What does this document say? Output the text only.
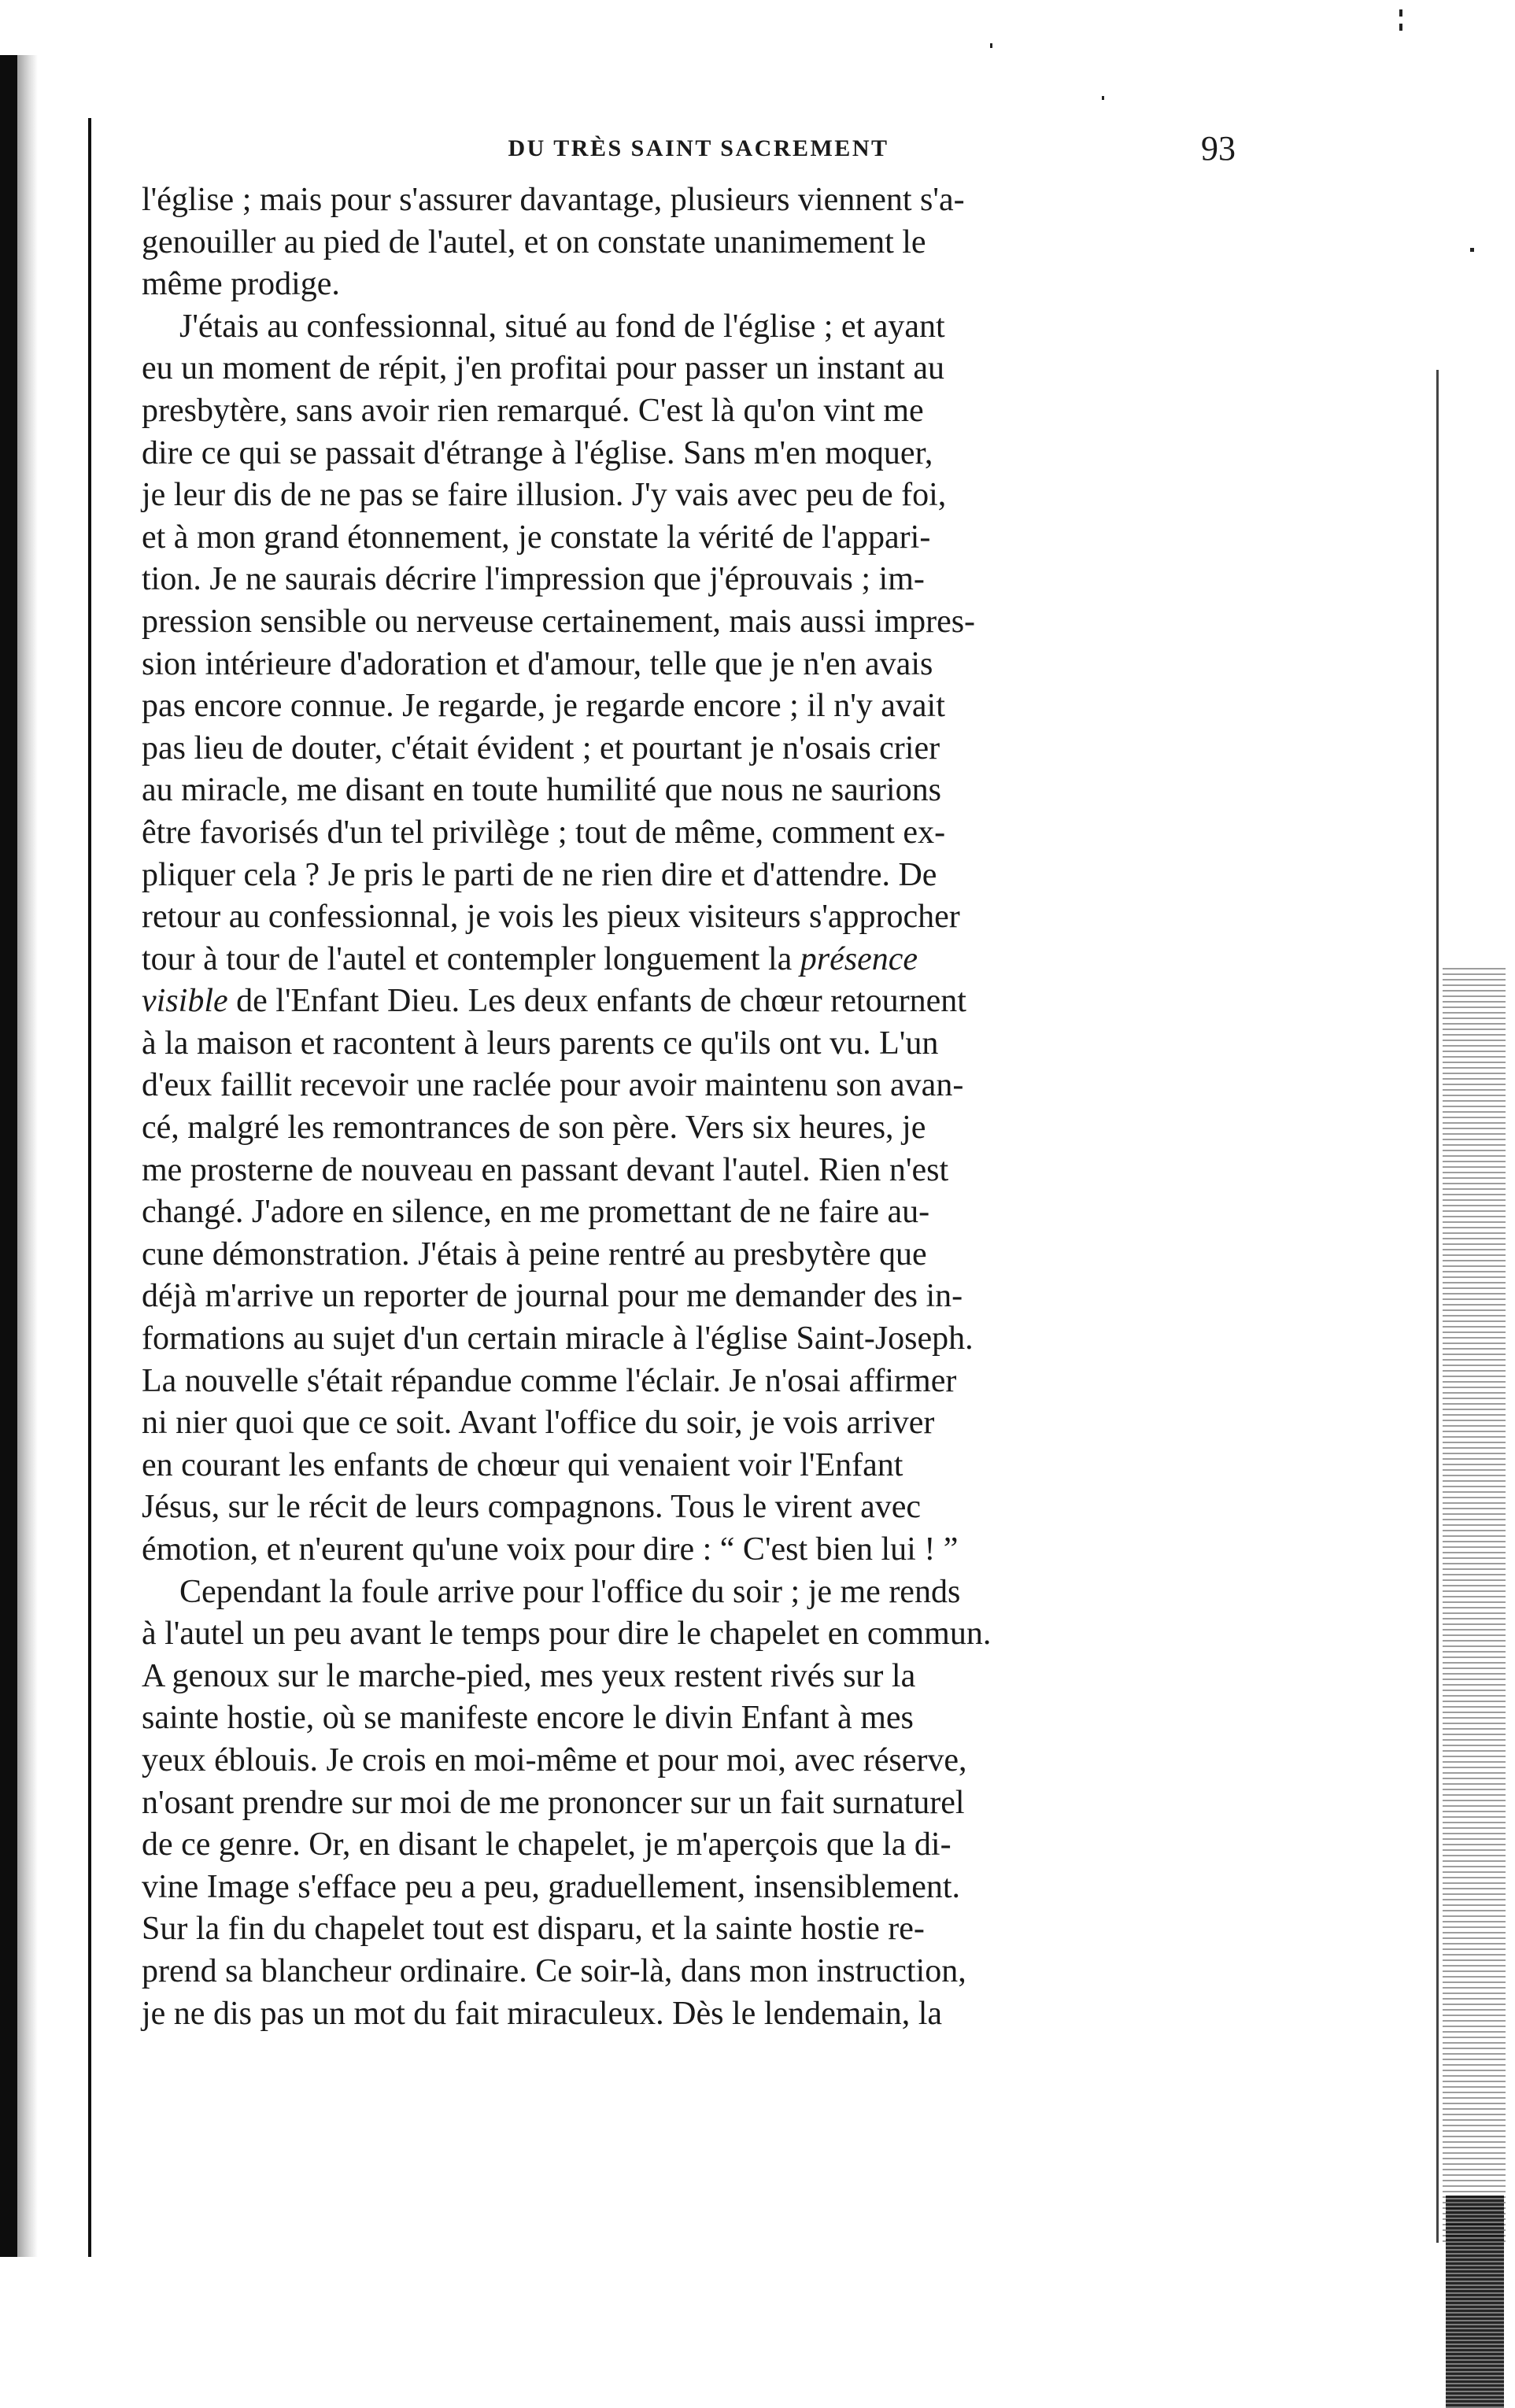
DU TRÈS SAINT SACREMENT	93
l'église ; mais pour s'assurer davantage, plusieurs viennent s'a-
genouiller au pied de l'autel, et on constate unanimement le
même prodige.
J'étais au confessionnal, situé au fond de l'église ; et ayant
eu un moment de répit, j'en profitai pour passer un instant au
presbytère, sans avoir rien remarqué. C'est là qu'on vint me
dire ce qui se passait d'étrange à l'église. Sans m'en moquer,
je leur dis de ne pas se faire illusion. J'y vais avec peu de foi,
et à mon grand étonnement, je constate la vérité de l'appari-
tion. Je ne saurais décrire l'impression que j'éprouvais ; im-
pression sensible ou nerveuse certainement, mais aussi impres-
sion intérieure d'adoration et d'amour, telle que je n'en avais
pas encore connue. Je regarde, je regarde encore ; il n'y avait
pas lieu de douter, c'était évident ; et pourtant je n'osais crier
au miracle, me disant en toute humilité que nous ne saurions
être favorisés d'un tel privilège ; tout de même, comment ex-
pliquer cela ? Je pris le parti de ne rien dire et d'attendre. De
retour au confessionnal, je vois les pieux visiteurs s'approcher
tour à tour de l'autel et contempler longuement la présence
visible de l'Enfant Dieu. Les deux enfants de chœur retournent
à la maison et racontent à leurs parents ce qu'ils ont vu. L'un
d'eux faillit recevoir une raclée pour avoir maintenu son avan-
cé, malgré les remontrances de son père. Vers six heures, je
me prosterne de nouveau en passant devant l'autel. Rien n'est
changé. J'adore en silence, en me promettant de ne faire au-
cune démonstration. J'étais à peine rentré au presbytère que
déjà m'arrive un reporter de journal pour me demander des in-
formations au sujet d'un certain miracle à l'église Saint-Joseph.
La nouvelle s'était répandue comme l'éclair. Je n'osai affirmer
ni nier quoi que ce soit. Avant l'office du soir, je vois arriver
en courant les enfants de chœur qui venaient voir l'Enfant
Jésus, sur le récit de leurs compagnons. Tous le virent avec
émotion, et n'eurent qu'une voix pour dire : “ C'est bien lui ! ”
Cependant la foule arrive pour l'office du soir ; je me rends
à l'autel un peu avant le temps pour dire le chapelet en commun.
A genoux sur le marche-pied, mes yeux restent rivés sur la
sainte hostie, où se manifeste encore le divin Enfant à mes
yeux éblouis. Je crois en moi-même et pour moi, avec réserve,
n'osant prendre sur moi de me prononcer sur un fait surnaturel
de ce genre. Or, en disant le chapelet, je m'aperçois que la di-
vine Image s'efface peu a peu, graduellement, insensiblement.
Sur la fin du chapelet tout est disparu, et la sainte hostie re-
prend sa blancheur ordinaire. Ce soir-là, dans mon instruction,
je ne dis pas un mot du fait miraculeux. Dès le lendemain, la
